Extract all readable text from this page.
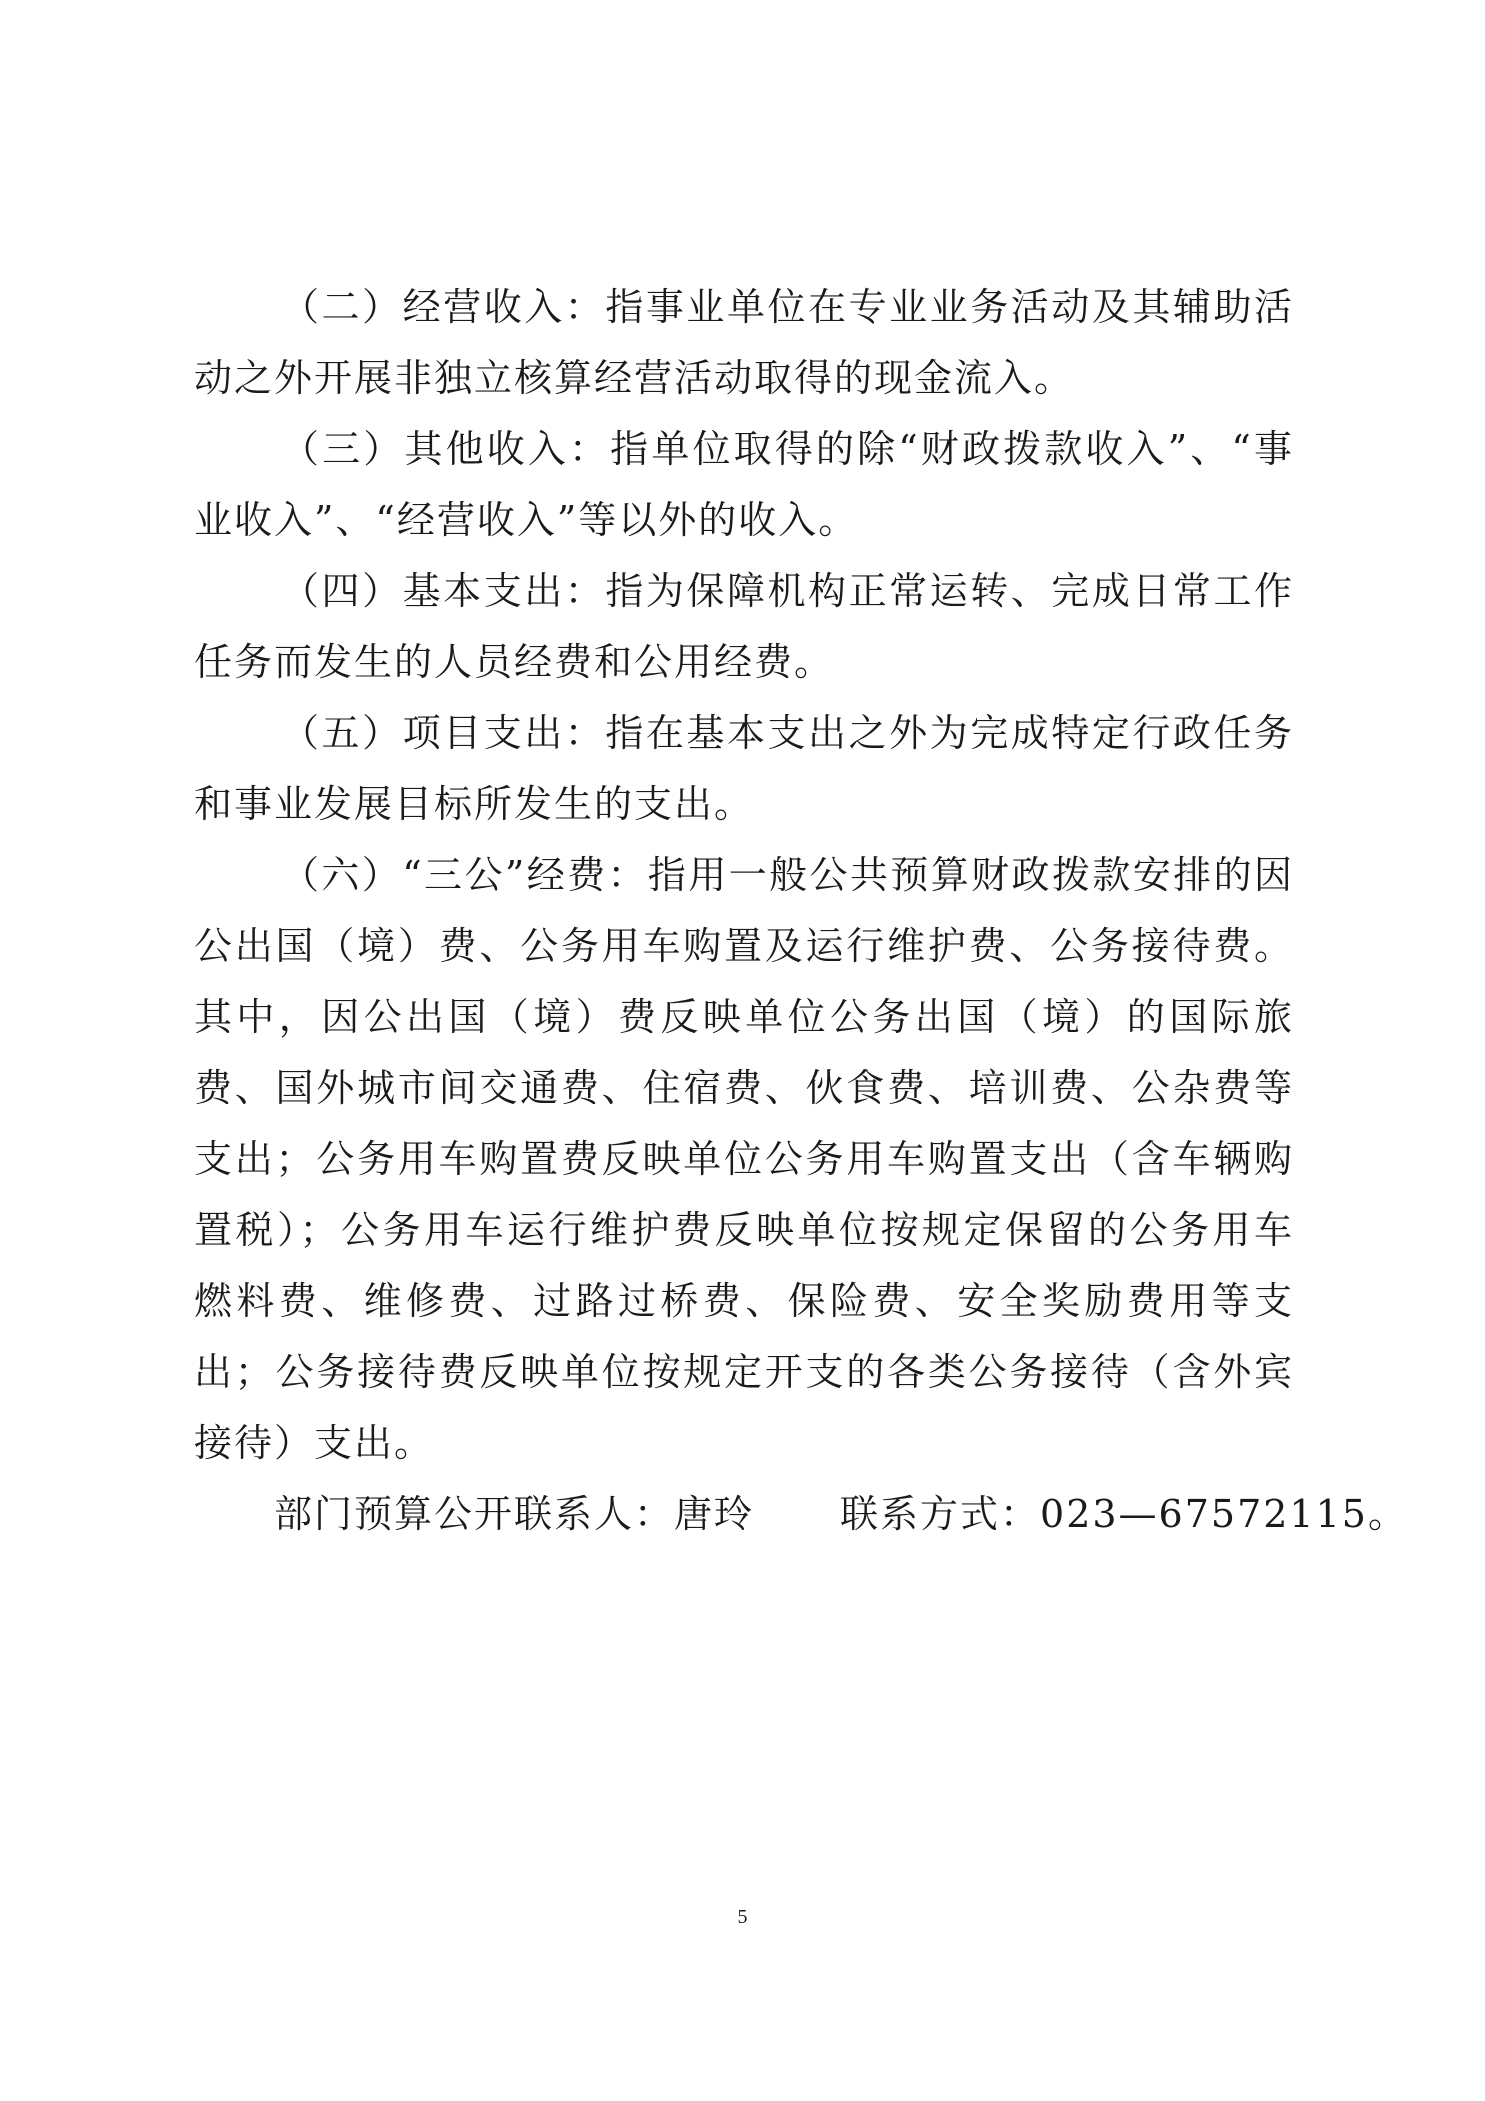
（二）经营收入：指事业单位在专业业务活动及其辅助活动之外开展非独立核算经营活动取得的现金流入。

（三）其他收入：指单位取得的除“财政拨款收入”、“事业收入”、“经营收入”等以外的收入。

（四）基本支出：指为保障机构正常运转、完成日常工作任务而发生的人员经费和公用经费。

（五）项目支出：指在基本支出之外为完成特定行政任务和事业发展目标所发生的支出。

（六）“三公”经费：指用一般公共预算财政拨款安排的因公出国（境）费、公务用车购置及运行维护费、公务接待费。其中，因公出国（境）费反映单位公务出国（境）的国际旅费、国外城市间交通费、住宿费、伙食费、培训费、公杂费等支出；公务用车购置费反映单位公务用车购置支出（含车辆购置税）；公务用车运行维护费反映单位按规定保留的公务用车燃料费、维修费、过路过桥费、保险费、安全奖励费用等支出；公务接待费反映单位按规定开支的各类公务接待（含外宾接待）支出。

部门预算公开联系人：唐玲 联系方式：023—67572115。

5
